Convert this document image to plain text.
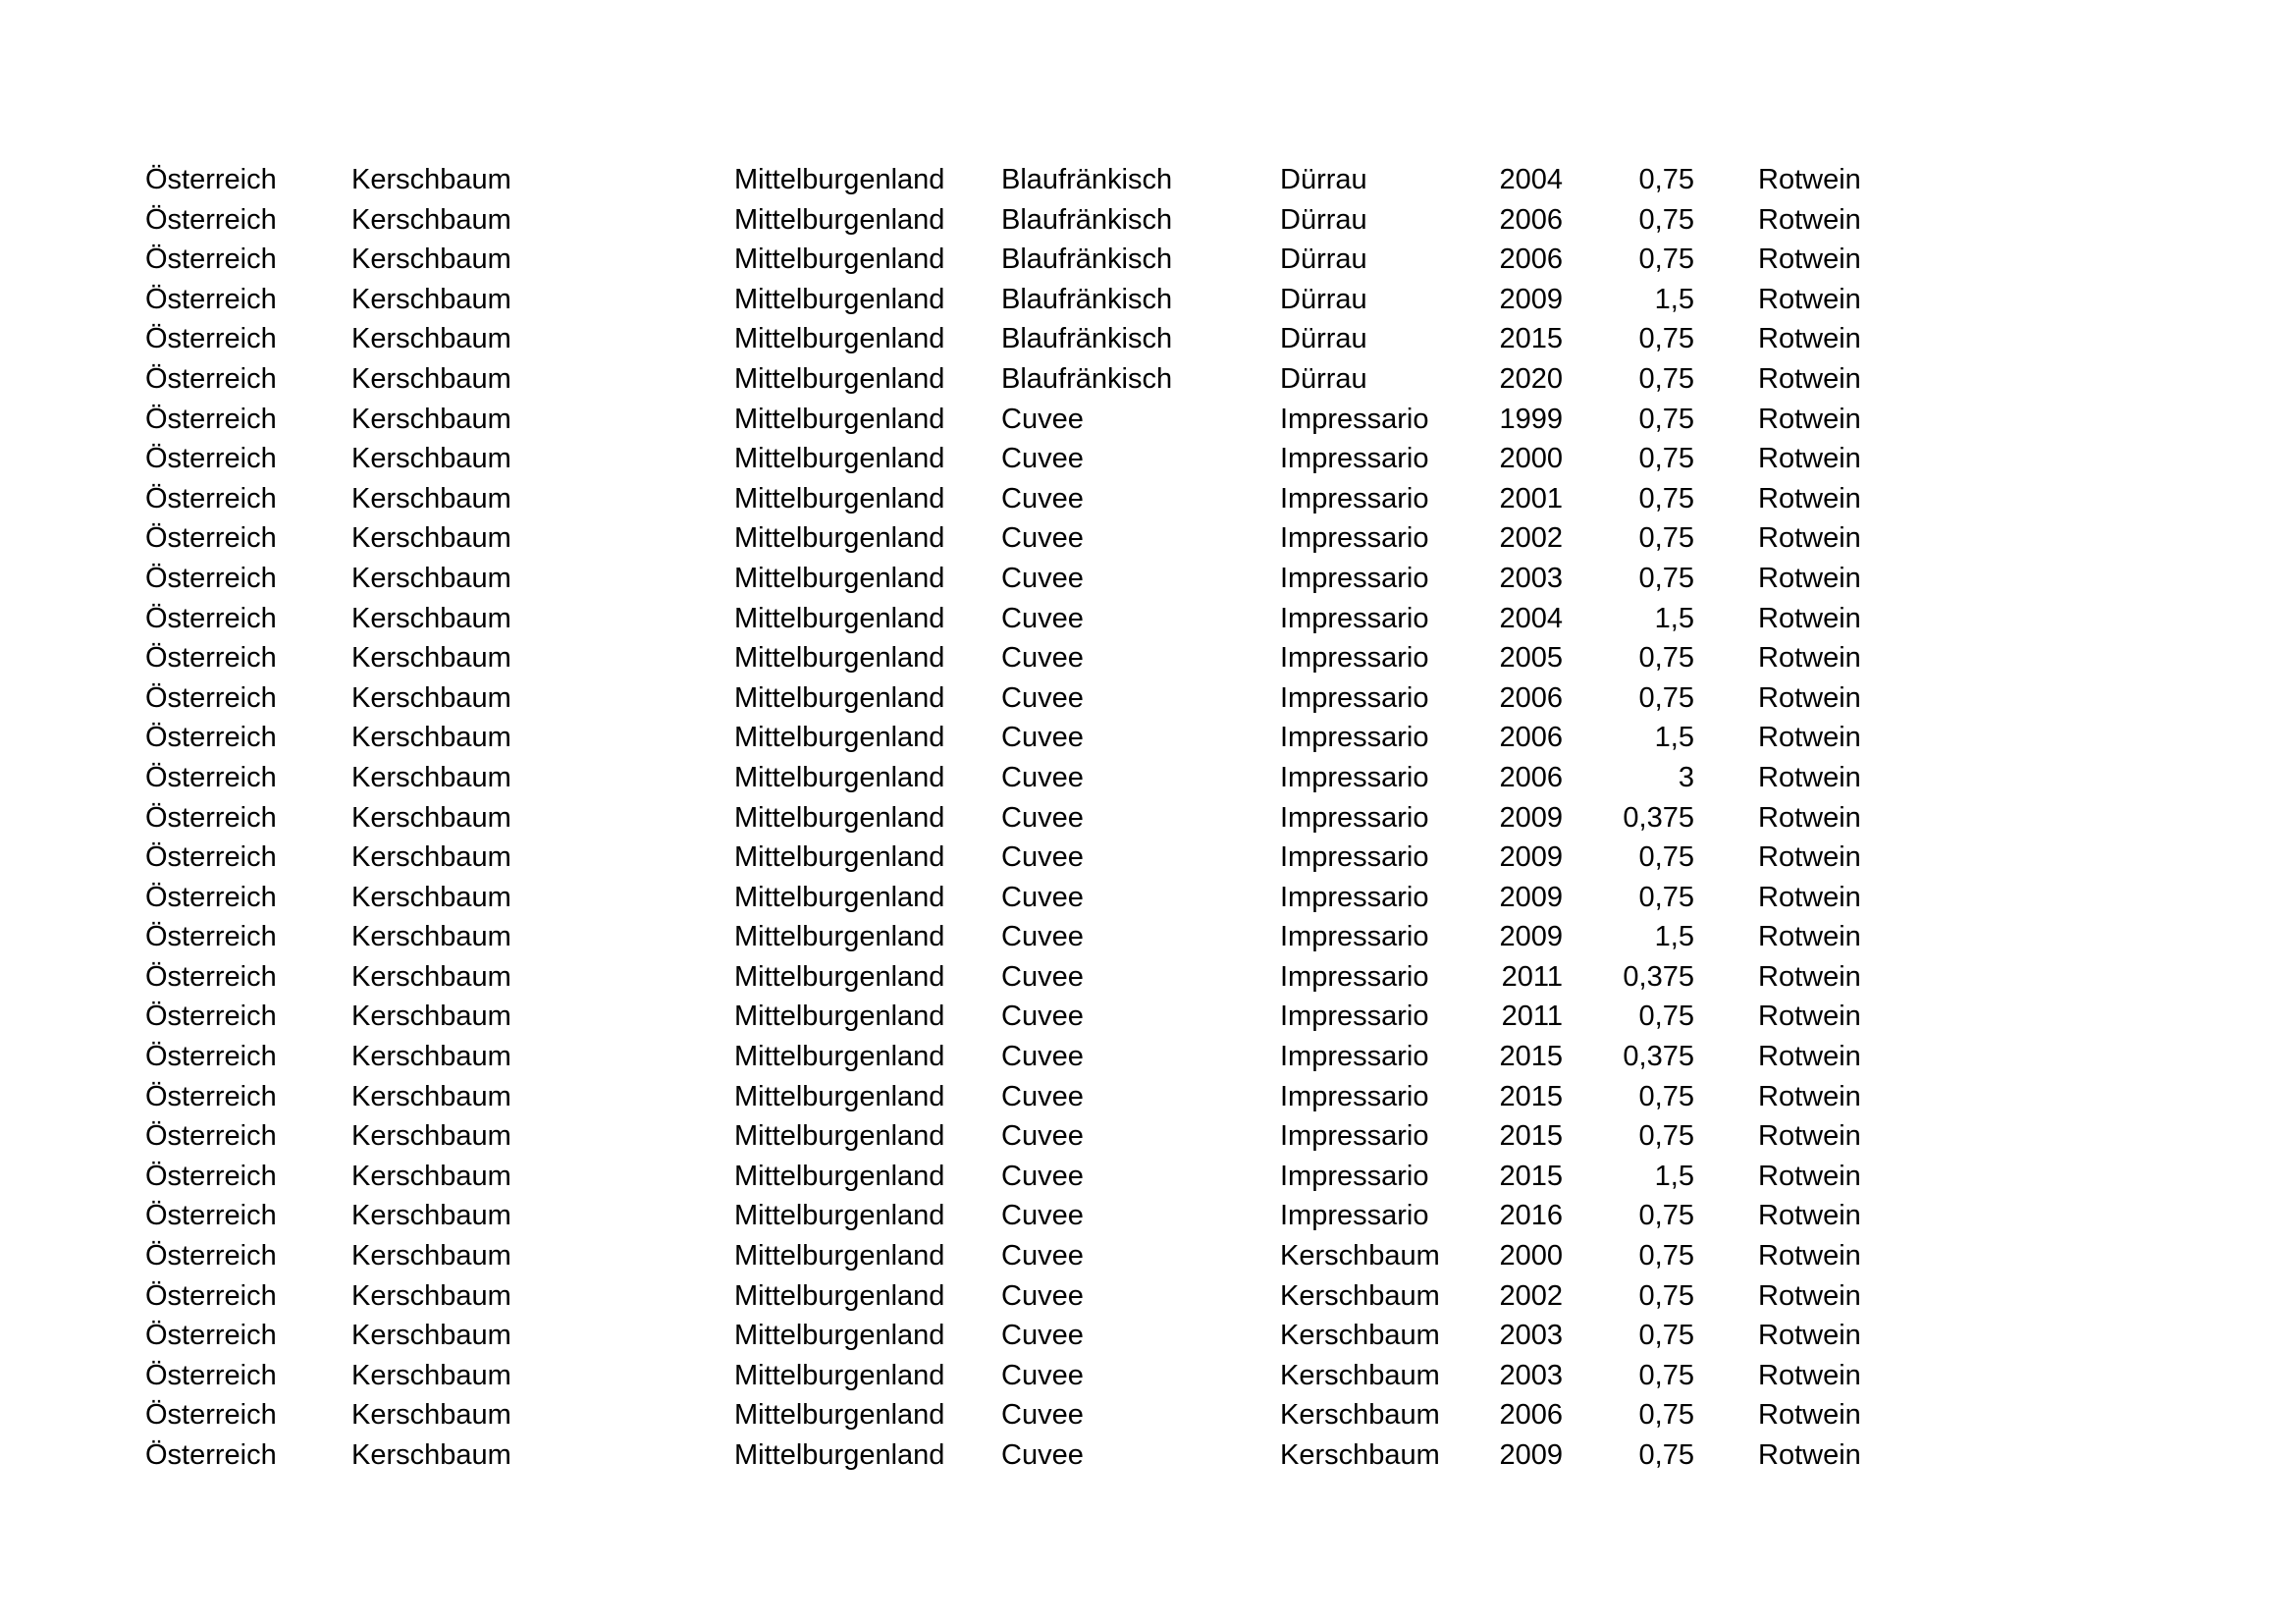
Österreich	Kerschbaum	Mittelburgenland Blaufränkisch	Dürrau	2004	0,75 Rotwein
Österreich	Kerschbaum	Mittelburgenland Blaufränkisch	Dürrau	2006	0,75 Rotwein
Österreich	Kerschbaum	Mittelburgenland Blaufränkisch	Dürrau	2006	0,75 Rotwein
Österreich	Kerschbaum	Mittelburgenland Blaufränkisch	Dürrau	2009	1,5 Rotwein
Österreich	Kerschbaum	Mittelburgenland Blaufränkisch	Dürrau	2015	0,75 Rotwein
Österreich	Kerschbaum	Mittelburgenland Blaufränkisch	Dürrau	2020	0,75 Rotwein
Österreich	Kerschbaum	Mittelburgenland Cuvee	Impressario	1999	0,75 Rotwein
Österreich	Kerschbaum	Mittelburgenland Cuvee	Impressario	2000	0,75 Rotwein
Österreich	Kerschbaum	Mittelburgenland Cuvee	Impressario	2001	0,75 Rotwein
Österreich	Kerschbaum	Mittelburgenland Cuvee	Impressario	2002	0,75 Rotwein
Österreich	Kerschbaum	Mittelburgenland Cuvee	Impressario	2003	0,75 Rotwein
Österreich	Kerschbaum	Mittelburgenland Cuvee	Impressario	2004	1,5 Rotwein
Österreich	Kerschbaum	Mittelburgenland Cuvee	Impressario	2005	0,75 Rotwein
Österreich	Kerschbaum	Mittelburgenland Cuvee	Impressario	2006	0,75 Rotwein
Österreich	Kerschbaum	Mittelburgenland Cuvee	Impressario	2006	1,5 Rotwein
Österreich	Kerschbaum	Mittelburgenland Cuvee	Impressario	2006	3 Rotwein
Österreich	Kerschbaum	Mittelburgenland Cuvee	Impressario	2009	0,375 Rotwein
Österreich	Kerschbaum	Mittelburgenland Cuvee	Impressario	2009	0,75 Rotwein
Österreich	Kerschbaum	Mittelburgenland Cuvee	Impressario	2009	0,75 Rotwein
Österreich	Kerschbaum	Mittelburgenland Cuvee	Impressario	2009	1,5 Rotwein
Österreich	Kerschbaum	Mittelburgenland Cuvee	Impressario	2011	0,375 Rotwein
Österreich	Kerschbaum	Mittelburgenland Cuvee	Impressario	2011	0,75 Rotwein
Österreich	Kerschbaum	Mittelburgenland Cuvee	Impressario	2015	0,375 Rotwein
Österreich	Kerschbaum	Mittelburgenland Cuvee	Impressario	2015	0,75 Rotwein
Österreich	Kerschbaum	Mittelburgenland Cuvee	Impressario	2015	0,75 Rotwein
Österreich	Kerschbaum	Mittelburgenland Cuvee	Impressario	2015	1,5 Rotwein
Österreich	Kerschbaum	Mittelburgenland Cuvee	Impressario	2016	0,75 Rotwein
Österreich	Kerschbaum	Mittelburgenland Cuvee	Kerschbaum	2000	0,75 Rotwein
Österreich	Kerschbaum	Mittelburgenland Cuvee	Kerschbaum	2002	0,75 Rotwein
Österreich	Kerschbaum	Mittelburgenland Cuvee	Kerschbaum	2003	0,75 Rotwein
Österreich	Kerschbaum	Mittelburgenland Cuvee	Kerschbaum	2003	0,75 Rotwein
Österreich	Kerschbaum	Mittelburgenland Cuvee	Kerschbaum	2006	0,75 Rotwein
Österreich	Kerschbaum	Mittelburgenland Cuvee	Kerschbaum	2009	0,75 Rotwein
